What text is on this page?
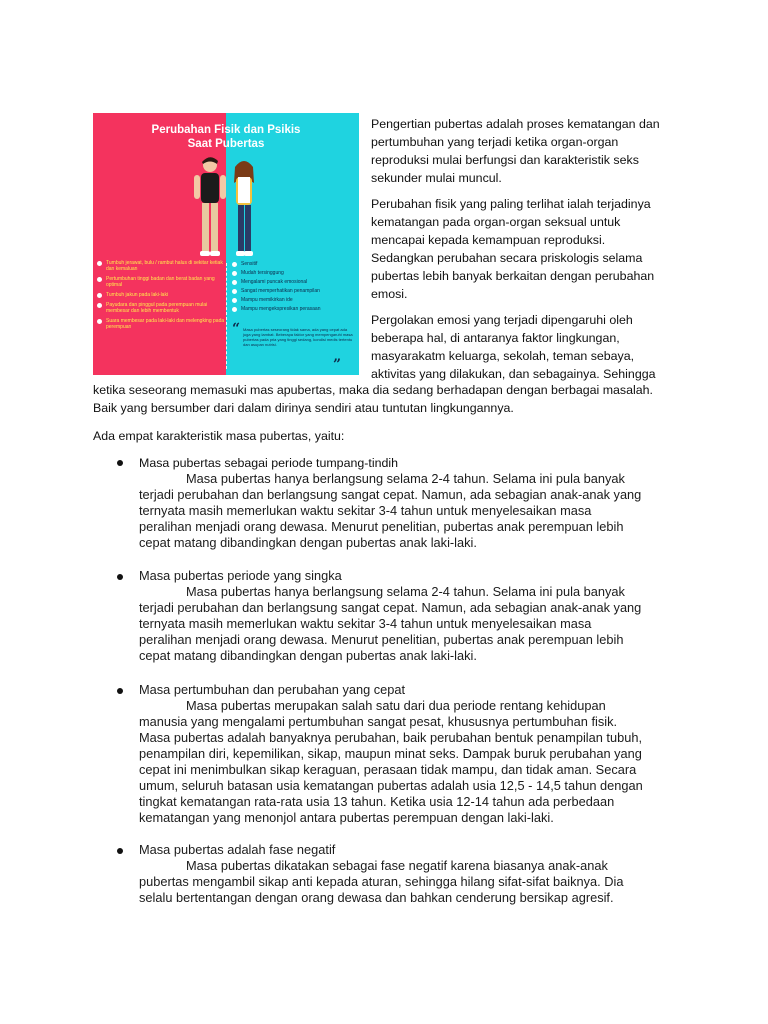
Perubahan Fisik dan Psikis
Saat Pubertas
Tumbuh jerawat, bulu / rambut halus di sekitar ketiak dan kemaluan
Pertumbuhan tinggi badan dan berat badan yang optimal
Tumbuh jakun pada laki-laki
Payudara dan pinggul pada perempuan mulai membesar dan lebih membentuk
Suara membesar pada laki-laki dan melengking pada perempuan
Sensitif
Mudah tersinggung
Mengalami puncak emosional
Sangat memperhatikan penampilan
Mampu memikirkan ide
Mampu mengekspresikan perasaan
“ Masa pubertas seseorang tidak sama, ada yang cepat ada juga yang lambat. Beberapa faktor yang mempengaruhi masa pubertas pada pria yang tinggi sedang, kondisi medis tertentu dan asupan nutrisi.
”
Pengertian pubertas adalah proses kematangan dan
pertumbuhan yang terjadi ketika organ-organ
reproduksi mulai berfungsi dan karakteristik seks
sekunder mulai muncul.
Perubahan fisik yang paling terlihat ialah terjadinya
kematangan pada organ-organ seksual untuk
mencapai kepada kemampuan reproduksi.
Sedangkan perubahan secara priskologis selama
pubertas lebih banyak berkaitan dengan perubahan
emosi.
Pergolakan emosi yang terjadi dipengaruhi oleh
beberapa hal, di antaranya faktor lingkungan,
masyarakatm keluarga, sekolah, teman sebaya,
aktivitas yang dilakukan, dan sebagainya. Sehingga
ketika seseorang memasuki mas apubertas, maka dia sedang berhadapan dengan berbagai masalah.
Baik yang bersumber dari dalam dirinya sendiri atau tuntutan lingkungannya.
Ada empat karakteristik masa pubertas, yaitu:
Masa pubertas sebagai periode tumpang-tindih
Masa pubertas hanya berlangsung selama 2-4 tahun. Selama ini pula banyak
terjadi perubahan dan berlangsung sangat cepat. Namun, ada sebagian anak-anak yang
ternyata masih memerlukan waktu sekitar 3-4 tahun untuk menyelesaikan masa
peralihan menjadi orang dewasa. Menurut penelitian, pubertas anak perempuan lebih
cepat matang dibandingkan dengan pubertas anak laki-laki.
Masa pubertas periode yang singka
Masa pubertas hanya berlangsung selama 2-4 tahun. Selama ini pula banyak
terjadi perubahan dan berlangsung sangat cepat. Namun, ada sebagian anak-anak yang
ternyata masih memerlukan waktu sekitar 3-4 tahun untuk menyelesaikan masa
peralihan menjadi orang dewasa. Menurut penelitian, pubertas anak perempuan lebih
cepat matang dibandingkan dengan pubertas anak laki-laki.
Masa pertumbuhan dan perubahan yang cepat
Masa pubertas merupakan salah satu dari dua periode rentang kehidupan
manusia yang mengalami pertumbuhan sangat pesat, khususnya pertumbuhan fisik.
Masa pubertas adalah banyaknya perubahan, baik perubahan bentuk penampilan tubuh,
penampilan diri, kepemilikan, sikap, maupun minat seks. Dampak buruk perubahan yang
cepat ini menimbulkan sikap keraguan, perasaan tidak mampu, dan tidak aman. Secara
umum, seluruh batasan usia kematangan pubertas adalah usia 12,5 - 14,5 tahun dengan
tingkat kematangan rata-rata usia 13 tahun. Ketika usia 12-14 tahun ada perbedaan
kematangan yang menonjol antara pubertas perempuan dengan laki-laki.
Masa pubertas adalah fase negatif
Masa pubertas dikatakan sebagai fase negatif karena biasanya anak-anak
pubertas mengambil sikap anti kepada aturan, sehingga hilang sifat-sifat baiknya. Dia
selalu bertentangan dengan orang dewasa dan bahkan cenderung bersikap agresif.
